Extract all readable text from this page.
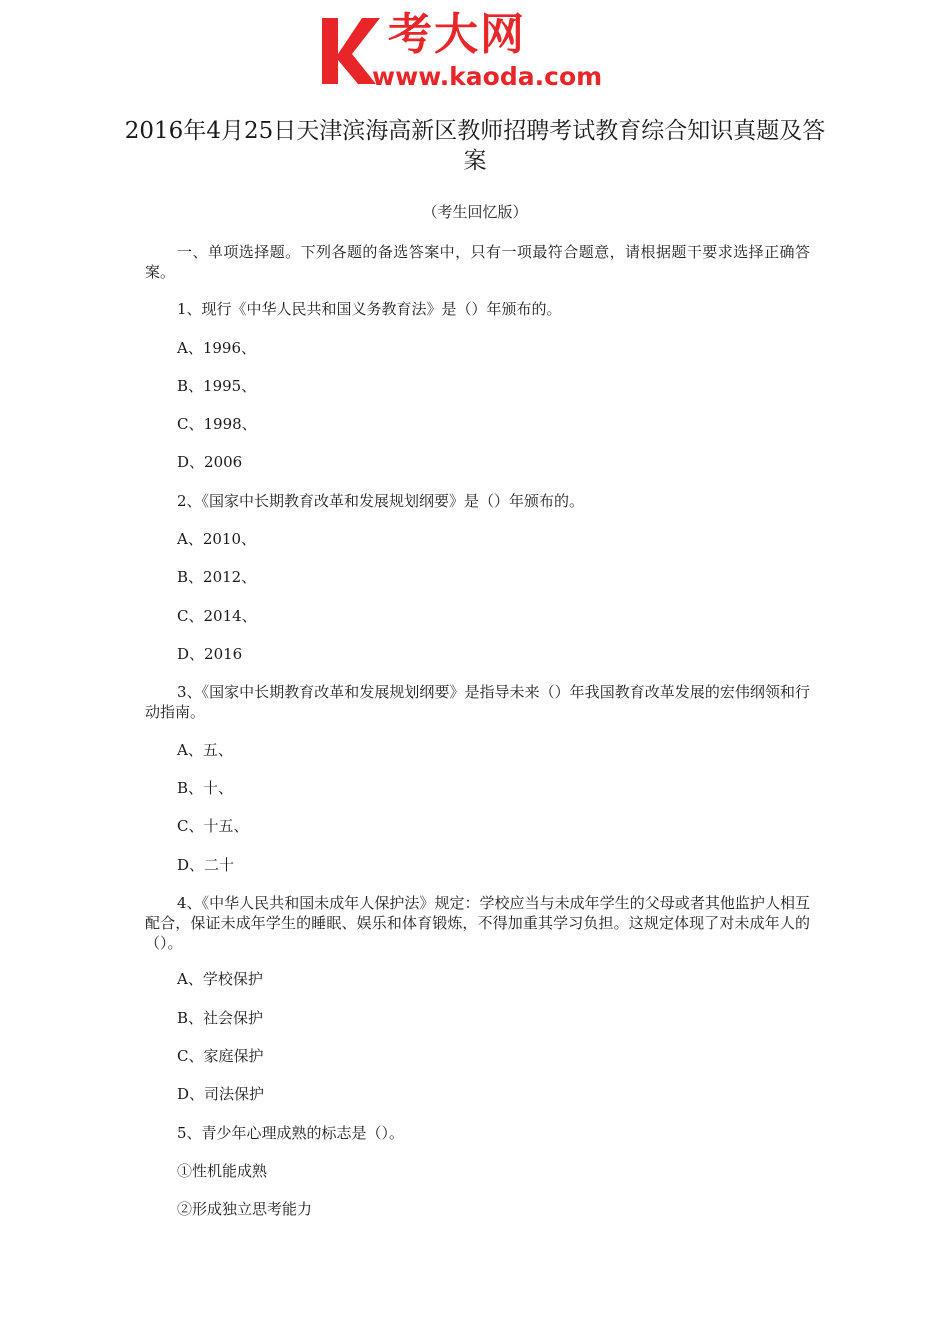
考大网
www.kaoda.com
2016年4月25日天津滨海高新区教师招聘考试教育综合知识真题及答案
（考生回忆版）

一、单项选择题。下列各题的备选答案中，只有一项最符合题意，请根据题干要求选择正确答案。

1、现行《中华人民共和国义务教育法》是（）年颁布的。
A、1996、
B、1995、
C、1998、
D、2006
2、《国家中长期教育改革和发展规划纲要》是（）年颁布的。
A、2010、
B、2012、
C、2014、
D、2016

3、《国家中长期教育改革和发展规划纲要》是指导未来（）年我国教育改革发展的宏伟纲领和行动指南。

A、五、
B、十、
C、十五、
D、二十

4、《中华人民共和国未成年人保护法》规定：学校应当与未成年学生的父母或者其他监护人相互配合，保证未成年学生的睡眠、娱乐和体育锻炼，不得加重其学习负担。这规定体现了对未成年人的（）。

A、学校保护
B、社会保护
C、家庭保护
D、司法保护
5、青少年心理成熟的标志是（）。
①性机能成熟
②形成独立思考能力
